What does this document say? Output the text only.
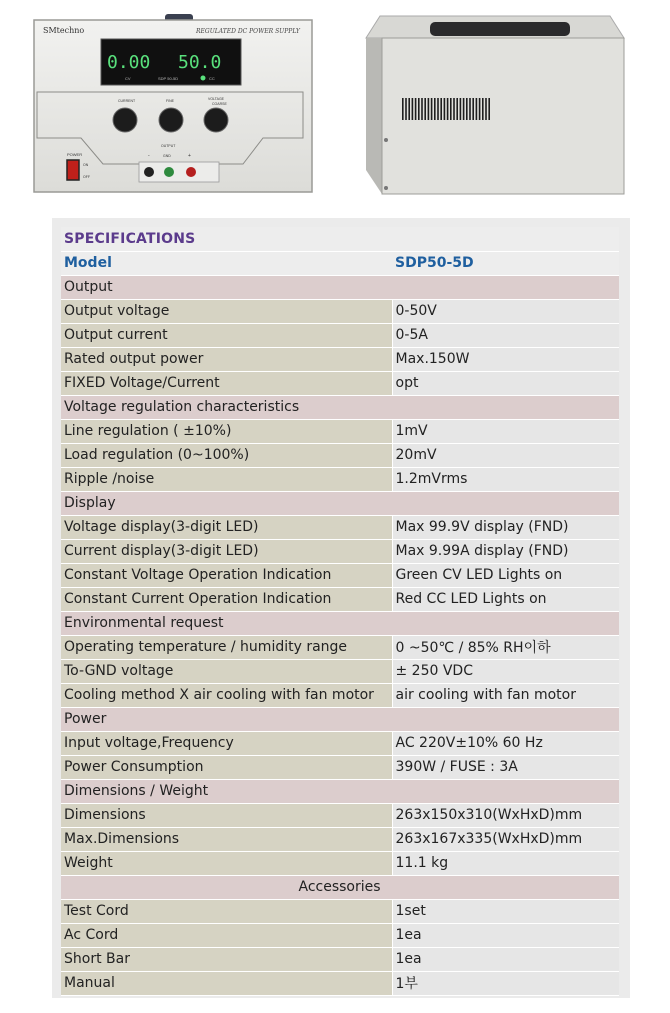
SMtechno	REGULATED DC POWER SUPPLY
0.00 50.0
SDP 50-5D
CV	CC
CURRENT	FINE	VOLTAGE
COARSE
POWER
ON
OFF
OUTPUT
-	GND	+
SPECIFICATIONS	
Model	SDP50-5D
Output	
Output voltage	0-50V
Output current	0-5A
Rated output power	Max.150W
FIXED Voltage/Current	opt
Voltage regulation characteristics	
Line regulation ( ±10%)	1mV
Load regulation (0~100%)	20mV
Ripple /noise	1.2mVrms
Display	
Voltage display(3-digit LED)	Max 99.9V display (FND)
Current display(3-digit LED)	Max 9.99A display (FND)
Constant Voltage Operation Indication	Green CV LED Lights on
Constant Current Operation Indication	Red CC LED Lights on
Environmental request	
Operating temperature / humidity range	0 ~50℃ / 85% RH이하
To-GND voltage	± 250 VDC
Cooling method X air cooling with fan motor	air cooling with fan motor
Power	
Input voltage,Frequency	AC 220V±10% 60 Hz
Power Consumption	390W / FUSE : 3A
Dimensions / Weight	
Dimensions	263x150x310(WxHxD)mm
Max.Dimensions	263x167x335(WxHxD)mm
Weight	11.1 kg
Accessories	
Test Cord	1set
Ac Cord	1ea
Short Bar	1ea
Manual	1부
